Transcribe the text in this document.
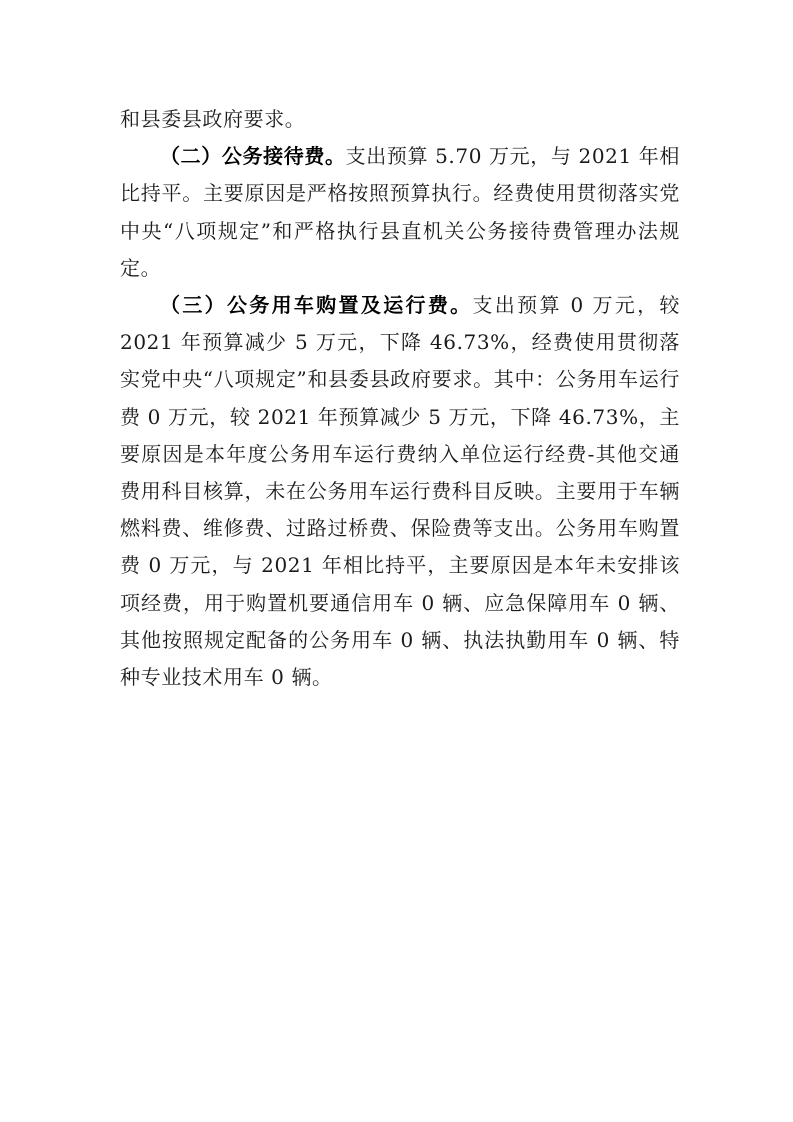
和县委县政府要求。

（二）公务接待费。支出预算 5.70 万元，与 2021 年相比持平。主要原因是严格按照预算执行。经费使用贯彻落实党中央“八项规定”和严格执行县直机关公务接待费管理办法规定。

（三）公务用车购置及运行费。支出预算 0 万元，较 2021 年预算减少 5 万元，下降 46.73%，经费使用贯彻落实党中央“八项规定”和县委县政府要求。其中：公务用车运行费 0 万元，较 2021 年预算减少 5 万元，下降 46.73%，主要原因是本年度公务用车运行费纳入单位运行经费-其他交通费用科目核算，未在公务用车运行费科目反映。主要用于车辆燃料费、维修费、过路过桥费、保险费等支出。公务用车购置费 0 万元，与 2021 年相比持平，主要原因是本年未安排该项经费，用于购置机要通信用车 0 辆、应急保障用车 0 辆、其他按照规定配备的公务用车 0 辆、执法执勤用车 0 辆、特种专业技术用车 0 辆。
